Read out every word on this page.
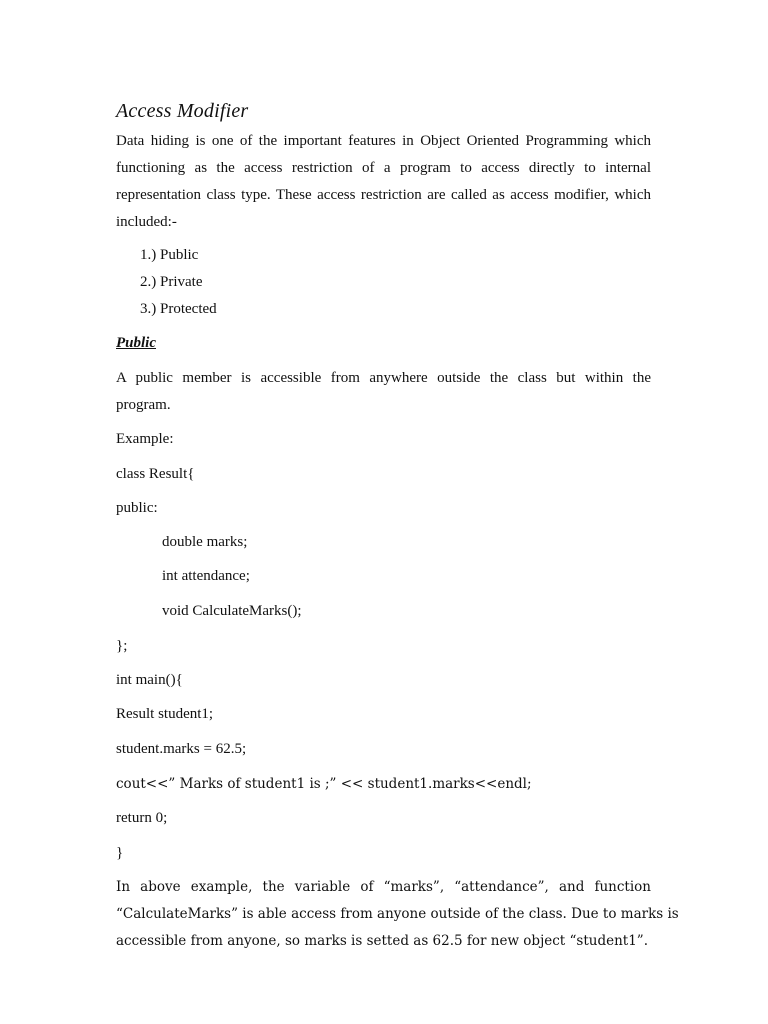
Access Modifier
Data hiding is one of the important features in Object Oriented Programming which
functioning as the access restriction of a program to access directly to internal
representation class type. These access restriction are called as access modifier, which
included:-
1.) Public
2.) Private
3.) Protected
Public
A public member is accessible from anywhere outside the class but within the
program.
Example:
class Result{
public:
double marks;
int attendance;
void CalculateMarks();
};
int main(){
Result student1;
student.marks = 62.5;
cout<<” Marks of student1 is ;” << student1.marks<<endl;
return 0;
}
In above example, the variable of “marks”, “attendance”, and function
“CalculateMarks” is able access from anyone outside of the class. Due to marks is
accessible from anyone, so marks is setted as 62.5 for new object “student1”.
